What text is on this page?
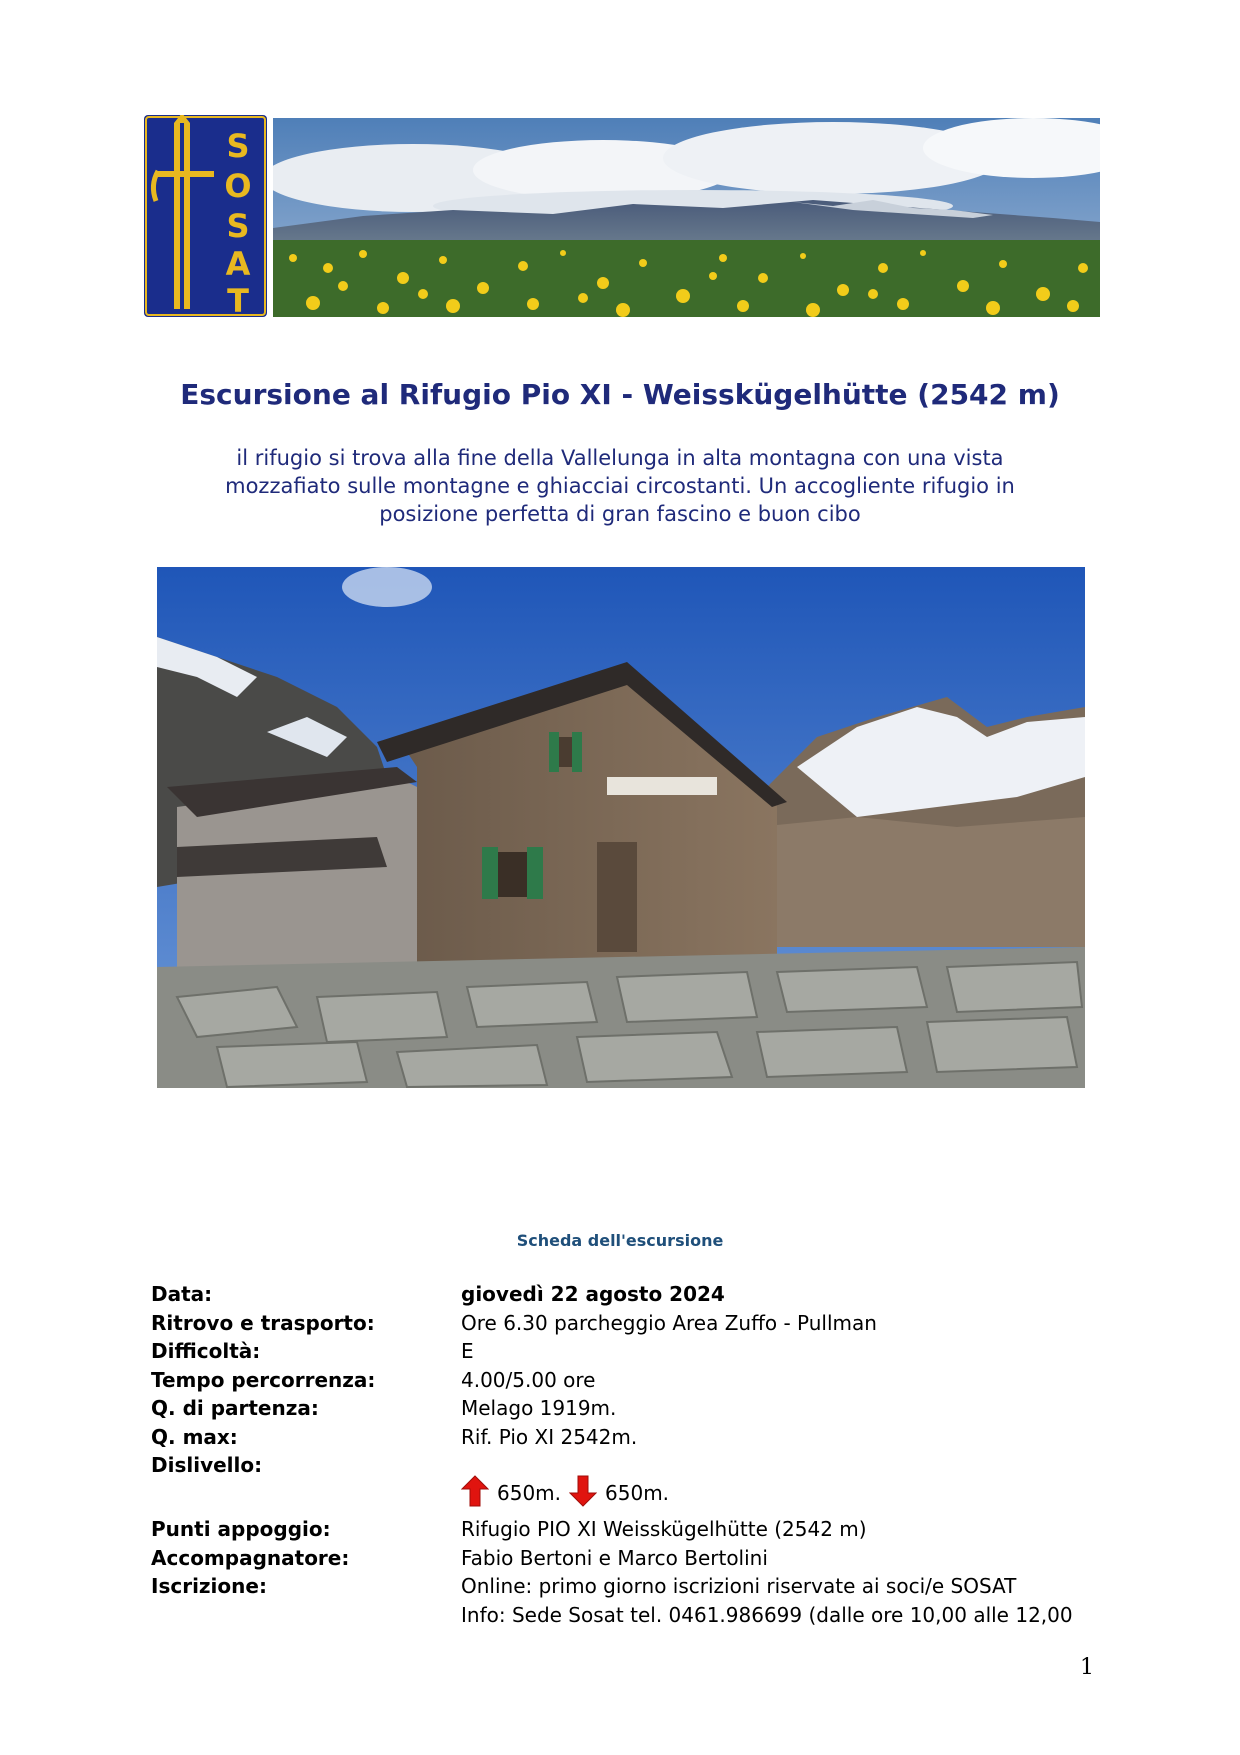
S
O
S
A
T
Escursione al Rifugio Pio XI - Weisskügelhütte (2542 m)
il rifugio si trova alla fine della Vallelunga in alta montagna con una vista
mozzafiato sulle montagne e ghiacciai circostanti. Un accogliente rifugio in
posizione perfetta di gran fascino e buon cibo
Scheda dell'escursione
Data:	giovedì 22 agosto 2024
Ritrovo e trasporto:	Ore 6.30 parcheggio Area Zuffo - Pullman
Difficoltà:	E
Tempo percorrenza:	4.00/5.00 ore
Q. di partenza:	Melago 1919m.
Q. max:	Rif. Pio XI 2542m.
Dislivello:
650m. 650m.
Punti appoggio:	Rifugio PIO XI Weisskügelhütte (2542 m)
Accompagnatore:	Fabio Bertoni e Marco Bertolini
Iscrizione:	Online: primo giorno iscrizioni riservate ai soci/e SOSAT
Info: Sede Sosat tel. 0461.986699 (dalle ore 10,00 alle 12,00
1
